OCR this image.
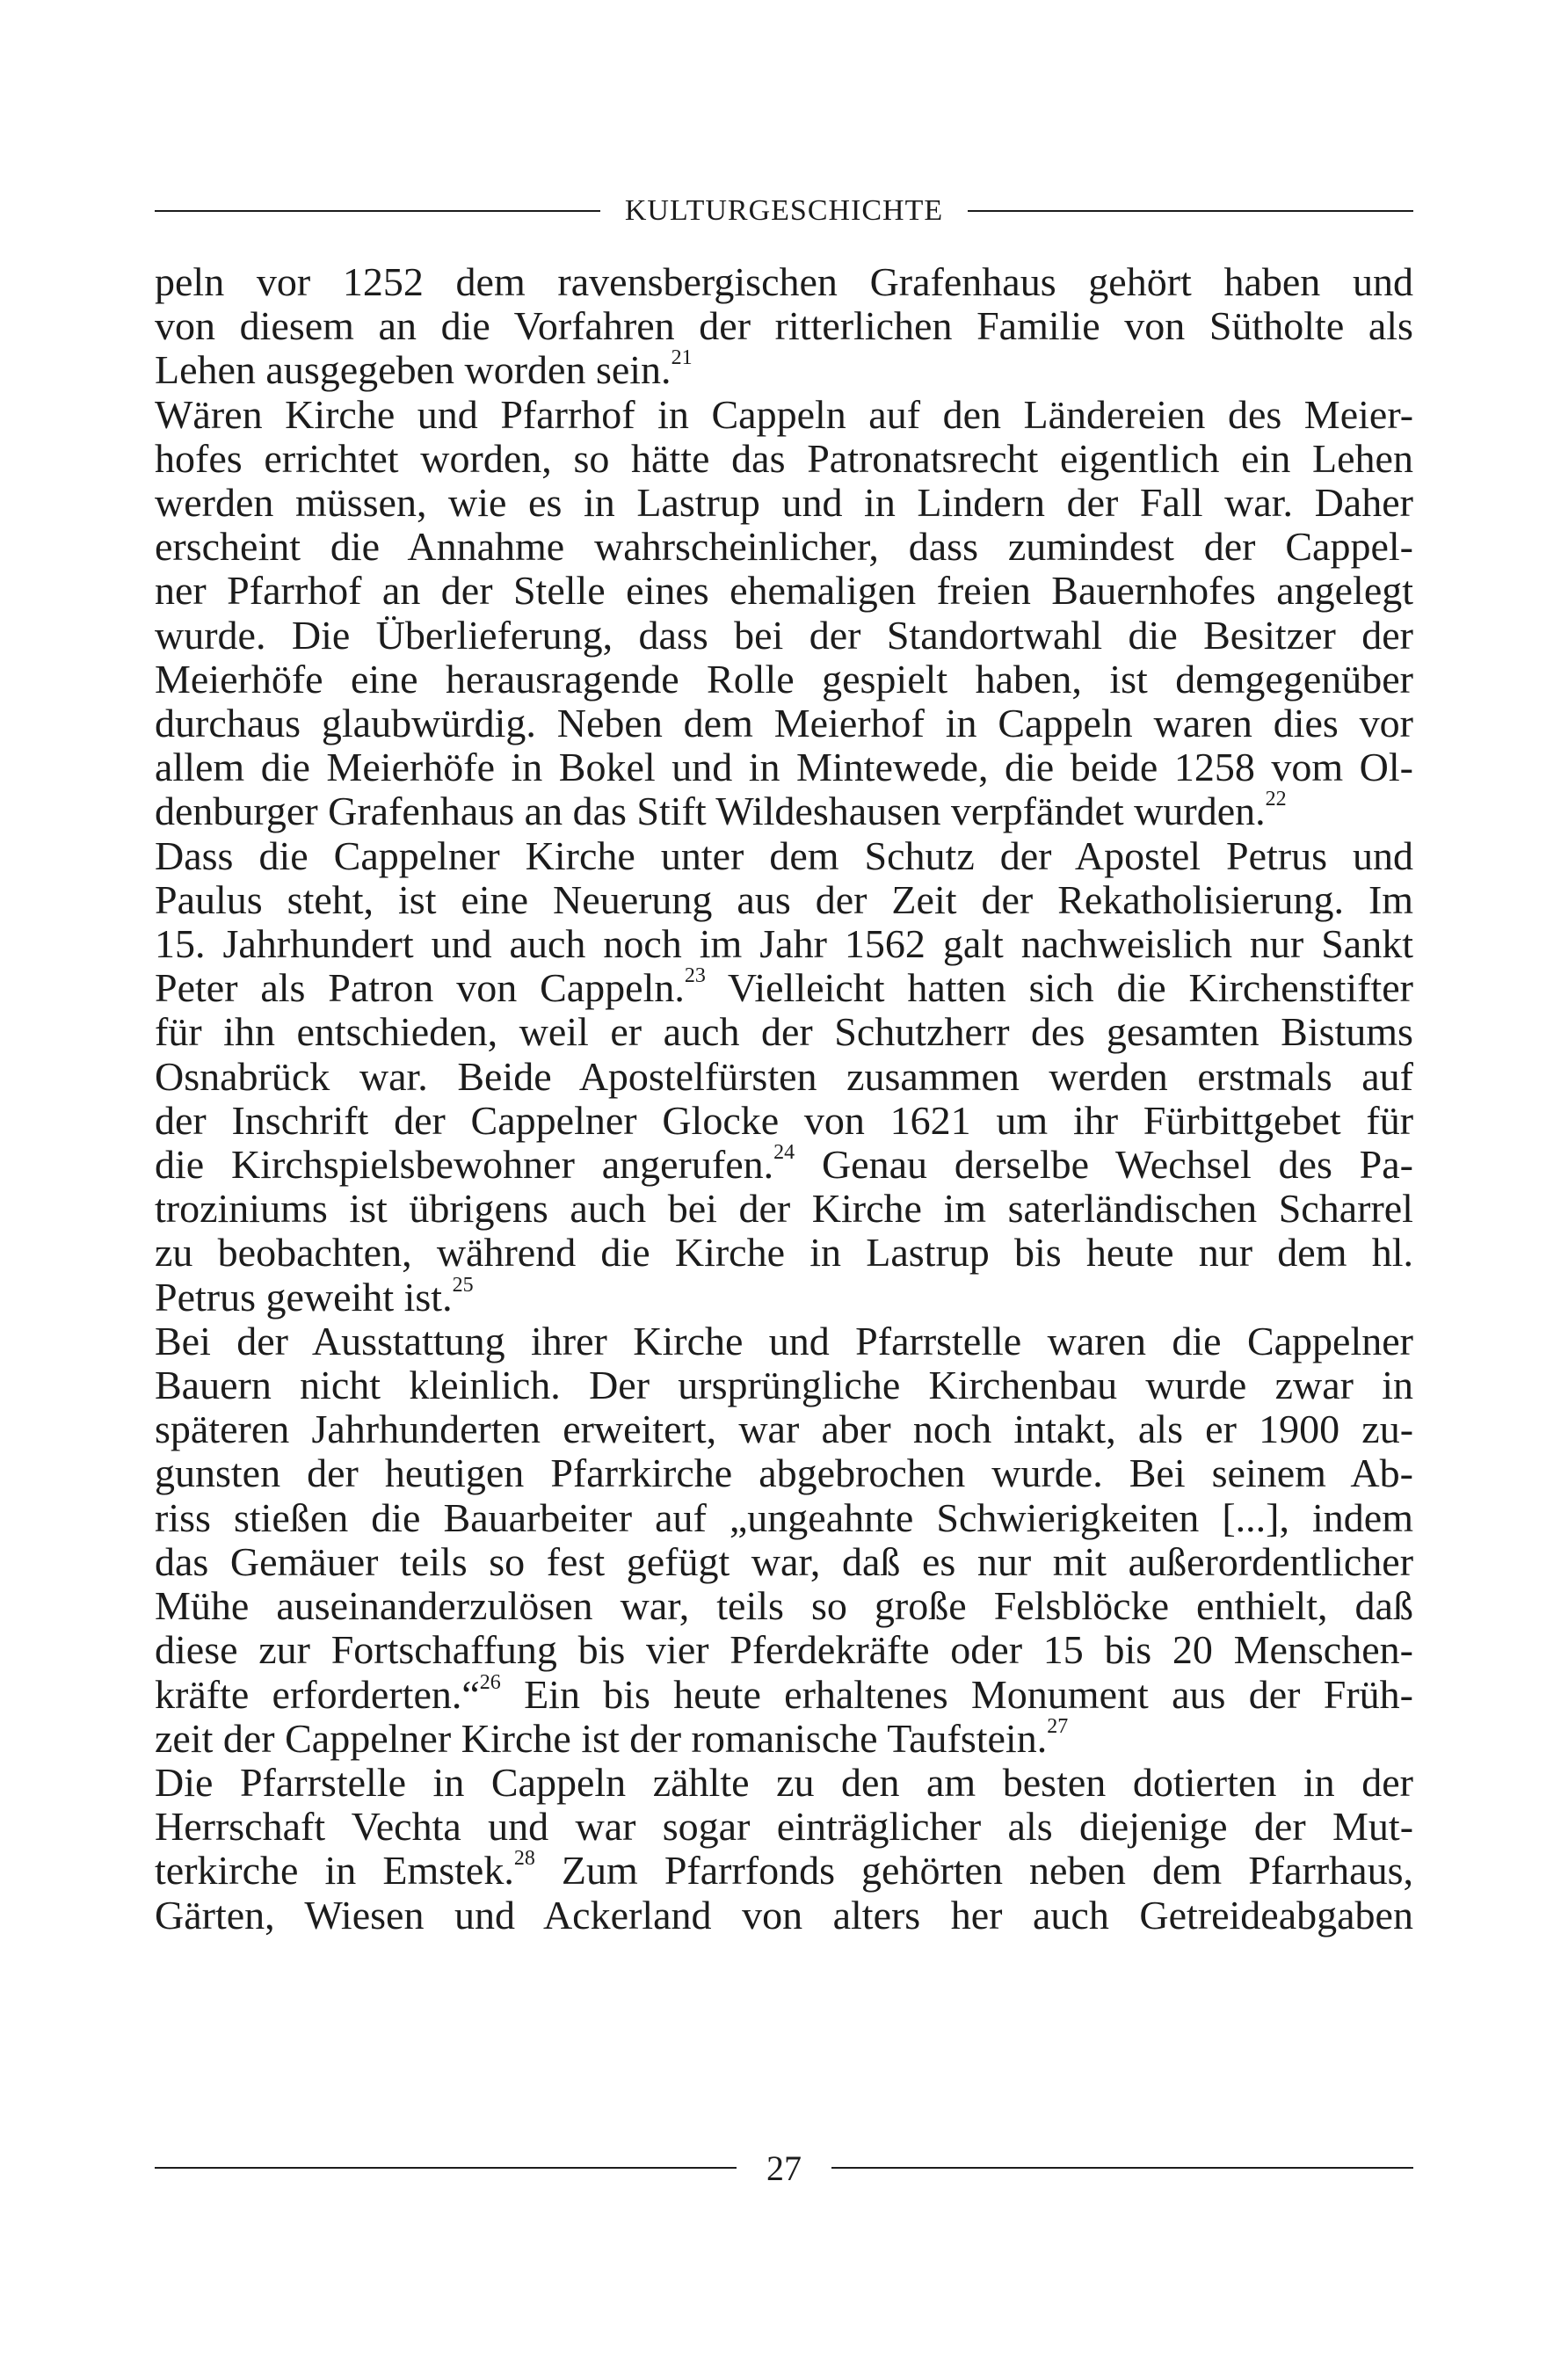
KULTURGESCHICHTE
peln vor 1252 dem ravensbergischen Grafenhaus gehört haben und
von diesem an die Vorfahren der ritterlichen Familie von Sütholte als
Lehen ausgegeben worden sein.$^{21}$
Wären Kirche und Pfarrhof in Cappeln auf den Ländereien des Meier-
hofes errichtet worden, so hätte das Patronatsrecht eigentlich ein Lehen
werden müssen, wie es in Lastrup und in Lindern der Fall war. Daher
erscheint die Annahme wahrscheinlicher, dass zumindest der Cappel-
ner Pfarrhof an der Stelle eines ehemaligen freien Bauernhofes angelegt
wurde. Die Überlieferung, dass bei der Standortwahl die Besitzer der
Meierhöfe eine herausragende Rolle gespielt haben, ist demgegenüber
durchaus glaubwürdig. Neben dem Meierhof in Cappeln waren dies vor
allem die Meierhöfe in Bokel und in Mintewede, die beide 1258 vom Ol-
denburger Grafenhaus an das Stift Wildeshausen verpfändet wurden.$^{22}$
Dass die Cappelner Kirche unter dem Schutz der Apostel Petrus und
Paulus steht, ist eine Neuerung aus der Zeit der Rekatholisierung. Im
15. Jahrhundert und auch noch im Jahr 1562 galt nachweislich nur Sankt
Peter als Patron von Cappeln.$^{23}$ Vielleicht hatten sich die Kirchenstifter
für ihn entschieden, weil er auch der Schutzherr des gesamten Bistums
Osnabrück war. Beide Apostelfürsten zusammen werden erstmals auf
der Inschrift der Cappelner Glocke von 1621 um ihr Fürbittgebet für
die Kirchspielsbewohner angerufen.$^{24}$ Genau derselbe Wechsel des Pa-
troziniums ist übrigens auch bei der Kirche im saterländischen Scharrel
zu beobachten, während die Kirche in Lastrup bis heute nur dem hl.
Petrus geweiht ist.$^{25}$
Bei der Ausstattung ihrer Kirche und Pfarrstelle waren die Cappelner
Bauern nicht kleinlich. Der ursprüngliche Kirchenbau wurde zwar in
späteren Jahrhunderten erweitert, war aber noch intakt, als er 1900 zu-
gunsten der heutigen Pfarrkirche abgebrochen wurde. Bei seinem Ab-
riss stießen die Bauarbeiter auf „ungeahnte Schwierigkeiten [...], indem
das Gemäuer teils so fest gefügt war, daß es nur mit außerordentlicher
Mühe auseinanderzulösen war, teils so große Felsblöcke enthielt, daß
diese zur Fortschaffung bis vier Pferdekräfte oder 15 bis 20 Menschen-
kräfte erforderten.“$^{26}$ Ein bis heute erhaltenes Monument aus der Früh-
zeit der Cappelner Kirche ist der romanische Taufstein.$^{27}$
Die Pfarrstelle in Cappeln zählte zu den am besten dotierten in der
Herrschaft Vechta und war sogar einträglicher als diejenige der Mut-
terkirche in Emstek.$^{28}$ Zum Pfarrfonds gehörten neben dem Pfarrhaus,
Gärten, Wiesen und Ackerland von alters her auch Getreideabgaben
27
